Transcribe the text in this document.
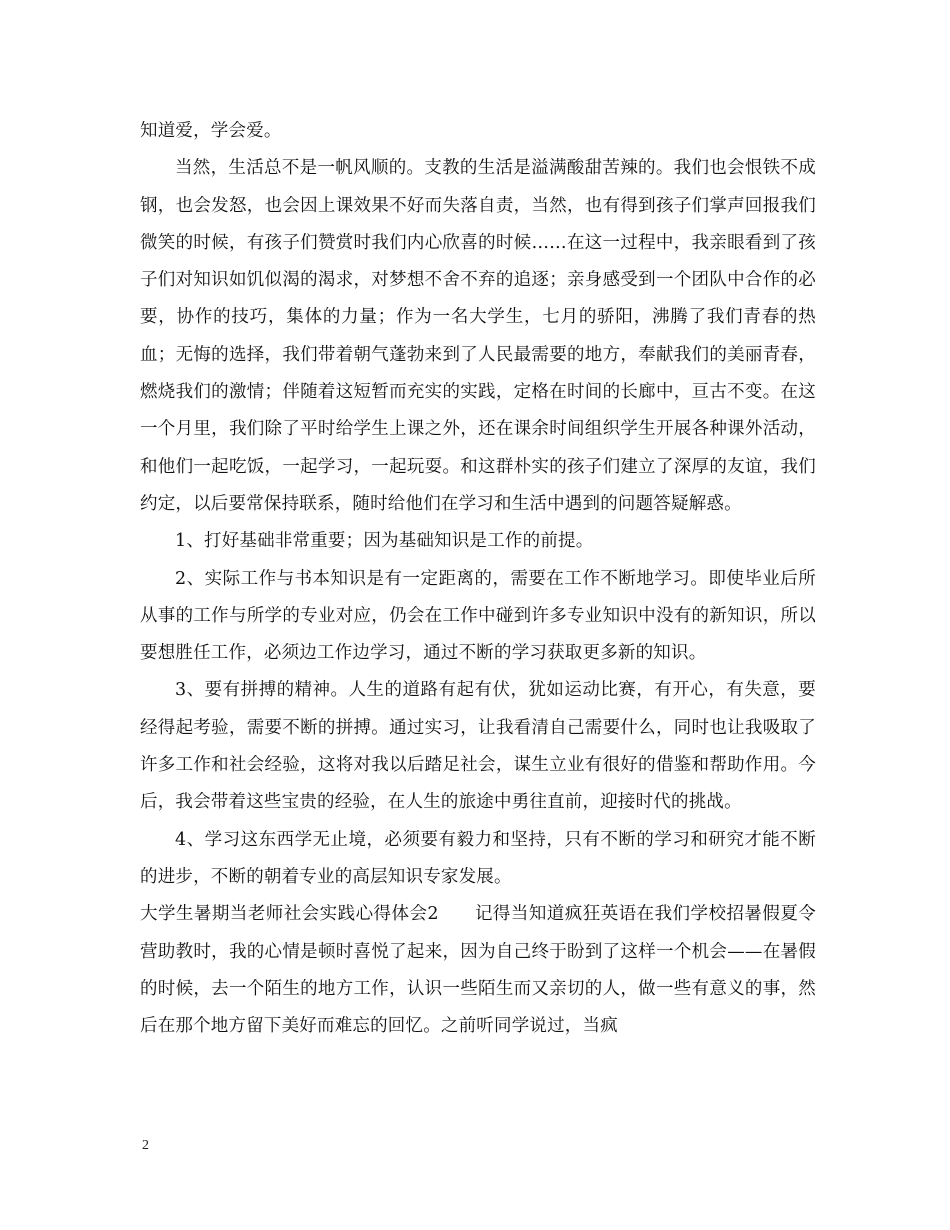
知道爱，学会爱。

当然，生活总不是一帆风顺的。支教的生活是溢满酸甜苦辣的。我们也会恨铁不成钢，也会发怒，也会因上课效果不好而失落自责，当然，也有得到孩子们掌声回报我们微笑的时候，有孩子们赞赏时我们内心欣喜的时候……在这一过程中，我亲眼看到了孩子们对知识如饥似渴的渴求，对梦想不舍不弃的追逐；亲身感受到一个团队中合作的必要，协作的技巧，集体的力量；作为一名大学生，七月的骄阳，沸腾了我们青春的热血；无悔的选择，我们带着朝气蓬勃来到了人民最需要的地方，奉献我们的美丽青春，燃烧我们的激情；伴随着这短暂而充实的实践，定格在时间的长廊中，亘古不变。在这一个月里，我们除了平时给学生上课之外，还在课余时间组织学生开展各种课外活动，和他们一起吃饭，一起学习，一起玩耍。和这群朴实的孩子们建立了深厚的友谊，我们约定，以后要常保持联系，随时给他们在学习和生活中遇到的问题答疑解惑。

1、打好基础非常重要；因为基础知识是工作的前提。

2、实际工作与书本知识是有一定距离的，需要在工作不断地学习。即使毕业后所从事的工作与所学的专业对应，仍会在工作中碰到许多专业知识中没有的新知识，所以要想胜任工作，必须边工作边学习，通过不断的学习获取更多新的知识。

3、要有拼搏的精神。人生的道路有起有伏，犹如运动比赛，有开心，有失意，要经得起考验，需要不断的拼搏。通过实习，让我看清自己需要什么，同时也让我吸取了许多工作和社会经验，这将对我以后踏足社会，谋生立业有很好的借鉴和帮助作用。今后，我会带着这些宝贵的经验，在人生的旅途中勇往直前，迎接时代的挑战。

4、学习这东西学无止境，必须要有毅力和坚持，只有不断的学习和研究才能不断的进步，不断的朝着专业的高层知识专家发展。

大学生暑期当老师社会实践心得体会2　　记得当知道疯狂英语在我们学校招暑假夏令营助教时，我的心情是顿时喜悦了起来，因为自己终于盼到了这样一个机会——在暑假的时候，去一个陌生的地方工作，认识一些陌生而又亲切的人，做一些有意义的事，然后在那个地方留下美好而难忘的回忆。之前听同学说过，当疯

2
